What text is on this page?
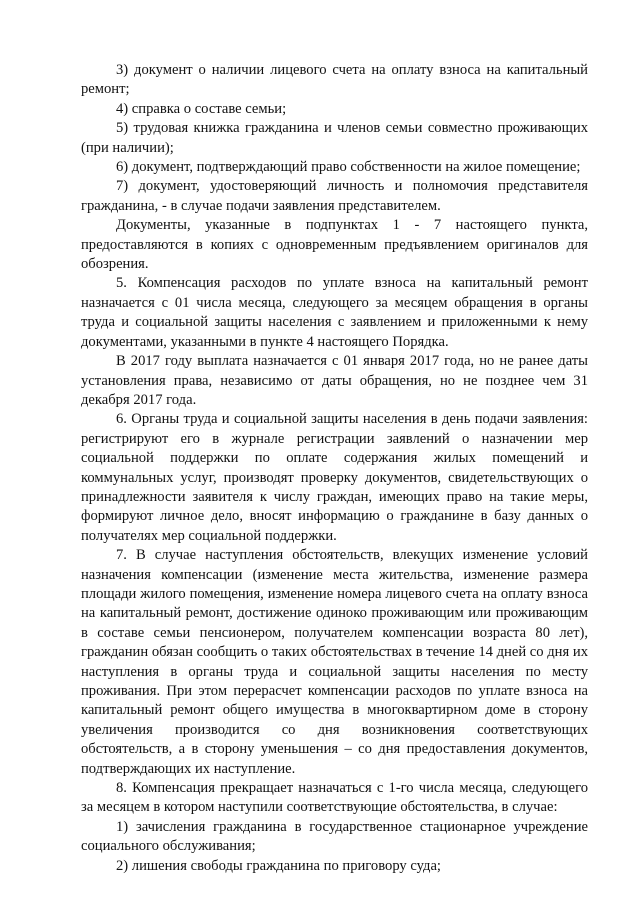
3) документ о наличии лицевого счета на оплату взноса на капитальный ремонт;

4) справка о составе семьи;

5) трудовая книжка гражданина и членов семьи совместно проживающих (при наличии);

6) документ, подтверждающий право собственности на жилое помещение;

7) документ, удостоверяющий личность и полномочия представителя гражданина, - в случае подачи заявления представителем.

Документы, указанные в подпунктах 1 - 7 настоящего пункта, предоставляются в копиях с одновременным предъявлением оригиналов для обозрения.

5. Компенсация расходов по уплате взноса на капитальный ремонт назначается с 01 числа месяца, следующего за месяцем обращения в органы труда и социальной защиты населения с заявлением и приложенными к нему документами, указанными в пункте 4 настоящего Порядка.

В 2017 году выплата назначается с 01 января 2017 года, но не ранее даты установления права, независимо от даты обращения, но не позднее чем 31 декабря 2017 года.

6. Органы труда и социальной защиты населения в день подачи заявления: регистрируют его в журнале регистрации заявлений о назначении мер социальной поддержки по оплате содержания жилых помещений и коммунальных услуг, производят проверку документов, свидетельствующих о принадлежности заявителя к числу граждан, имеющих право на такие меры, формируют личное дело, вносят информацию о гражданине в базу данных о получателях мер социальной поддержки.

7. В случае наступления обстоятельств, влекущих изменение условий назначения компенсации (изменение места жительства, изменение размера площади жилого помещения, изменение номера лицевого счета на оплату взноса на капитальный ремонт, достижение одиноко проживающим или проживающим в составе семьи пенсионером, получателем компенсации возраста 80 лет), гражданин обязан сообщить о таких обстоятельствах в течение 14 дней со дня их наступления в органы труда и социальной защиты населения по месту проживания. При этом перерасчет компенсации расходов по уплате взноса на капитальный ремонт общего имущества в многоквартирном доме в сторону увеличения производится со дня возникновения соответствующих обстоятельств, а в сторону уменьшения – со дня предоставления документов, подтверждающих их наступление.

8. Компенсация прекращает назначаться с 1-го числа месяца, следующего за месяцем в котором наступили соответствующие обстоятельства, в случае:

1) зачисления гражданина в государственное стационарное учреждение социального обслуживания;

2) лишения свободы гражданина по приговору суда;
